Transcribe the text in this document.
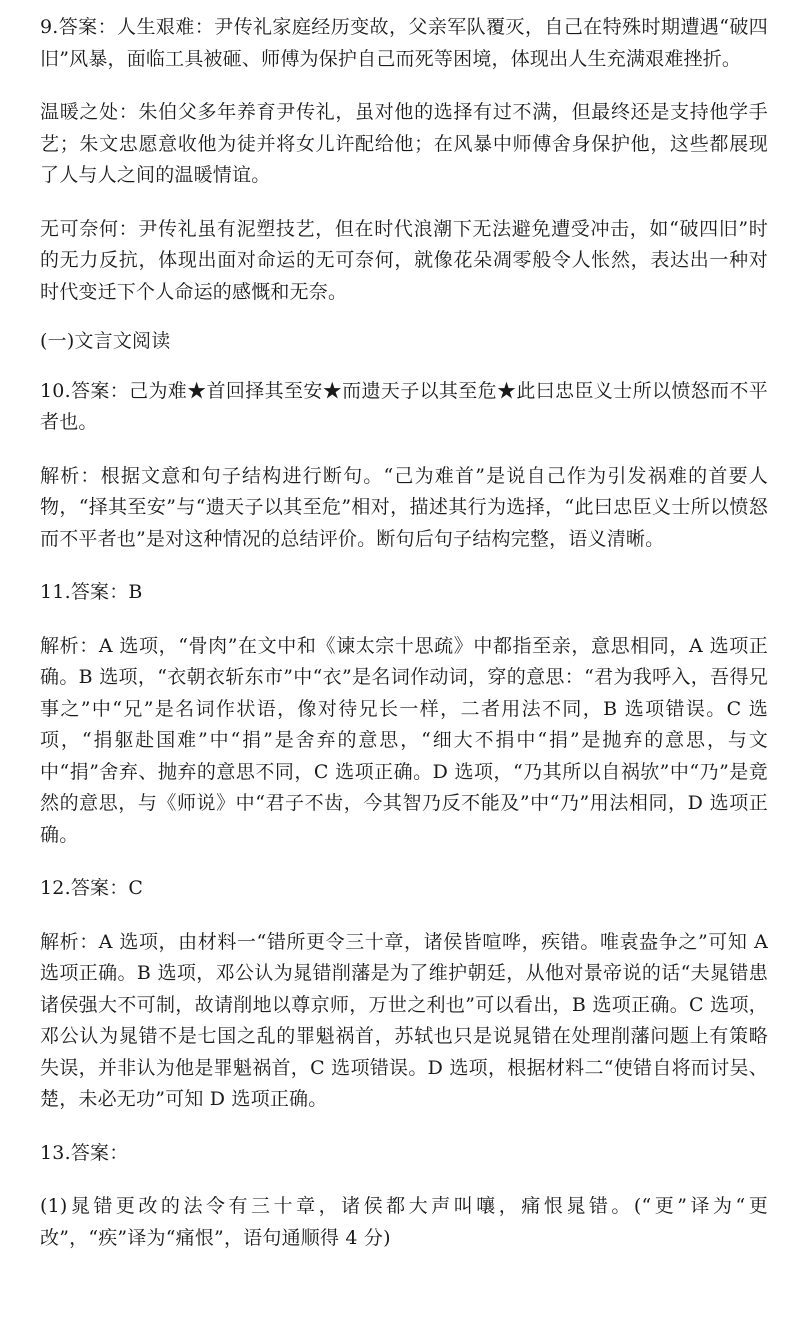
9.答案：人生艰难：尹传礼家庭经历变故，父亲军队覆灭，自己在特殊时期遭遇“破四旧”风暴，面临工具被砸、师傅为保护自己而死等困境，体现出人生充满艰难挫折。

温暖之处：朱伯父多年养育尹传礼，虽对他的选择有过不满，但最终还是支持他学手艺；朱文忠愿意收他为徒并将女儿许配给他；在风暴中师傅舍身保护他，这些都展现了人与人之间的温暖情谊。

无可奈何：尹传礼虽有泥塑技艺，但在时代浪潮下无法避免遭受冲击，如“破四旧”时的无力反抗，体现出面对命运的无可奈何，就像花朵凋零般令人怅然，表达出一种对时代变迁下个人命运的感慨和无奈。

(一)文言文阅读

10.答案：己为难★首回择其至安★而遗天子以其至危★此曰忠臣义士所以愤怒而不平者也。

解析：根据文意和句子结构进行断句。“己为难首”是说自己作为引发祸难的首要人物，“择其至安”与“遗天子以其至危”相对，描述其行为选择，“此曰忠臣义士所以愤怒而不平者也”是对这种情况的总结评价。断句后句子结构完整，语义清晰。

11.答案：B

解析：A 选项，“骨肉”在文中和《谏太宗十思疏》中都指至亲，意思相同，A 选项正确。B 选项，“衣朝衣斩东市”中“衣”是名词作动词，穿的意思：“君为我呼入，吾得兄事之”中“兄”是名词作状语，像对待兄长一样，二者用法不同，B 选项错误。C 选项，“捐躯赴国难”中“捐”是舍弃的意思，“细大不捐中“捐”是抛弃的意思，与文中“捐”舍弃、抛弃的意思不同，C 选项正确。D 选项，“乃其所以自祸欤”中“乃”是竟然的意思，与《师说》中“君子不齿，今其智乃反不能及”中“乃”用法相同，D 选项正确。

12.答案：C

解析：A 选项，由材料一“错所更令三十章，诸侯皆喧哗，疾错。唯袁盎争之”可知 A 选项正确。B 选项，邓公认为晁错削藩是为了维护朝廷，从他对景帝说的话“夫晁错患诸侯强大不可制，故请削地以尊京师，万世之利也”可以看出，B 选项正确。C 选项，邓公认为晁错不是七国之乱的罪魁祸首，苏轼也只是说晁错在处理削藩问题上有策略失误，并非认为他是罪魁祸首，C 选项错误。D 选项，根据材料二“使错自将而讨吴、楚，未必无功”可知 D 选项正确。

13.答案：

(1)晁错更改的法令有三十章，诸侯都大声叫嚷，痛恨晁错。(“更”译为“更改”，“疾”译为“痛恨”，语句通顺得 4 分)
